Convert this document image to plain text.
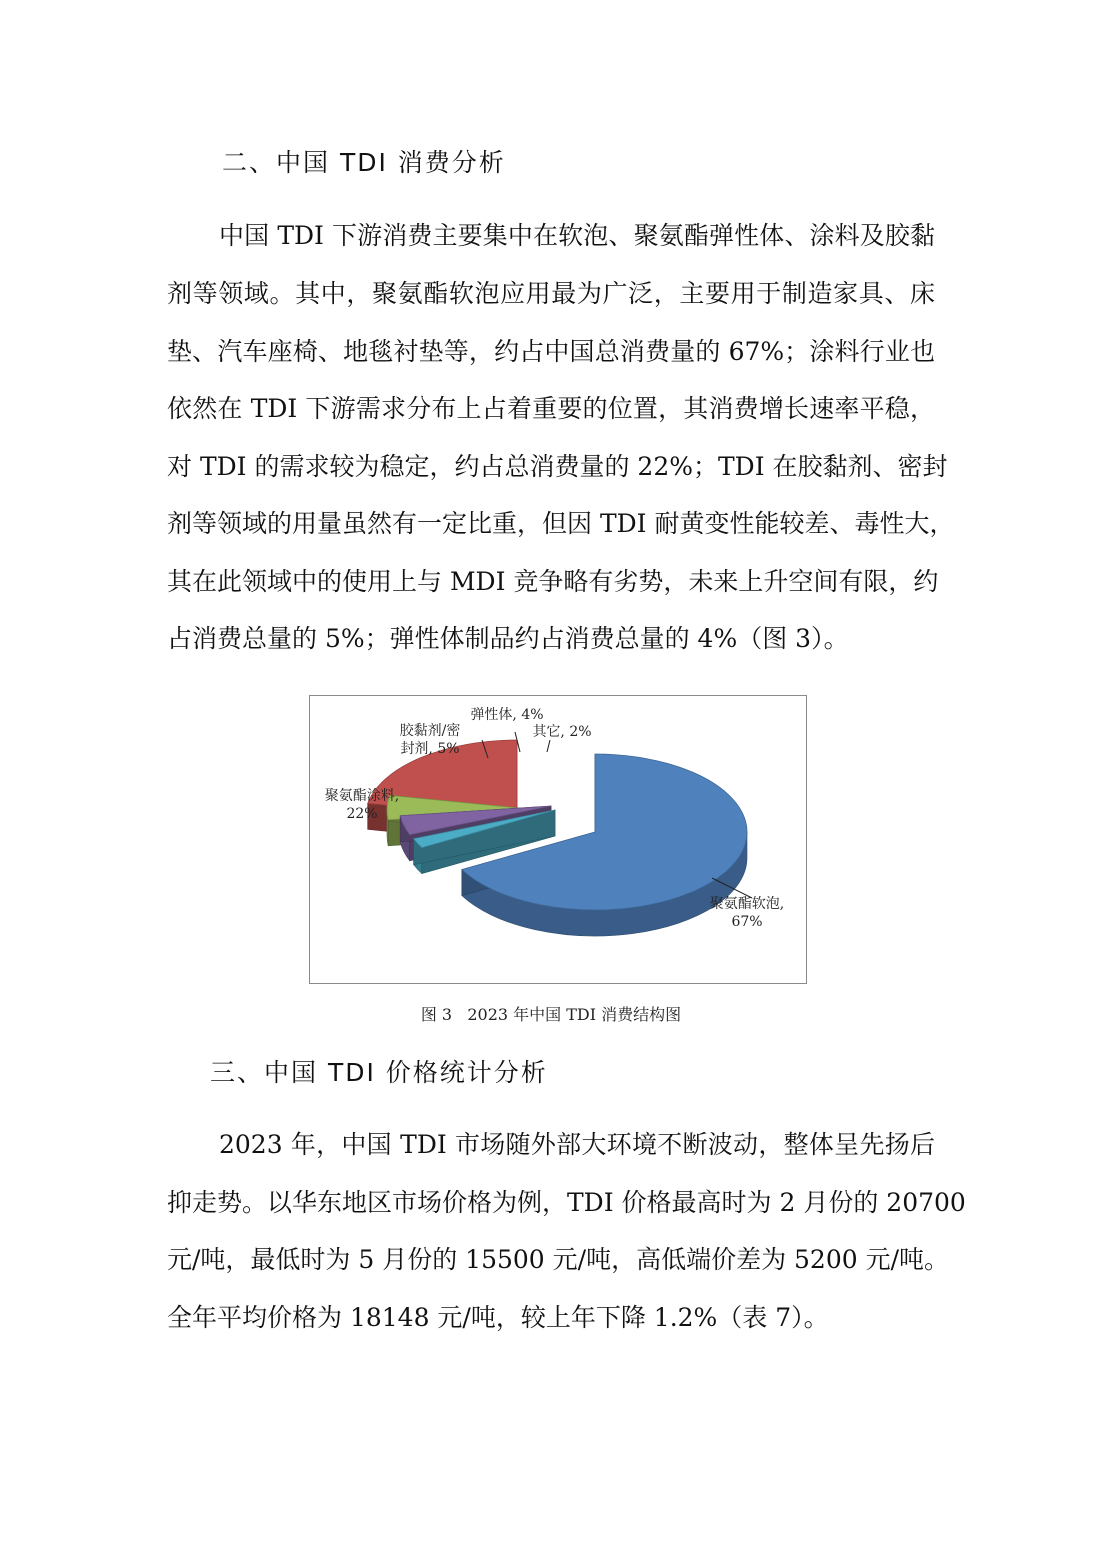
二、中国 TDI 消费分析
中国 TDI 下游消费主要集中在软泡、聚氨酯弹性体、涂料及胶黏
剂等领域。其中，聚氨酯软泡应用最为广泛，主要用于制造家具、床
垫、汽车座椅、地毯衬垫等，约占中国总消费量的 67%；涂料行业也
依然在 TDI 下游需求分布上占着重要的位置，其消费增长速率平稳，
对 TDI 的需求较为稳定，约占总消费量的 22%；TDI 在胶黏剂、密封
剂等领域的用量虽然有一定比重，但因 TDI 耐黄变性能较差、毒性大，
其在此领域中的使用上与 MDI 竞争略有劣势，未来上升空间有限，约
占消费总量的 5%；弹性体制品约占消费总量的 4%（图 3）。
聚氨酯软泡,
67%
其它, 2%
弹性体, 4%
胶黏剂/密
封剂, 5%
聚氨酯涂料,
22%
图 3   2023 年中国 TDI 消费结构图
三、中国 TDI 价格统计分析
2023 年，中国 TDI 市场随外部大环境不断波动，整体呈先扬后
抑走势。以华东地区市场价格为例，TDI 价格最高时为 2 月份的 20700
元/吨，最低时为 5 月份的 15500 元/吨，高低端价差为 5200 元/吨。
全年平均价格为 18148 元/吨，较上年下降 1.2%（表 7）。
